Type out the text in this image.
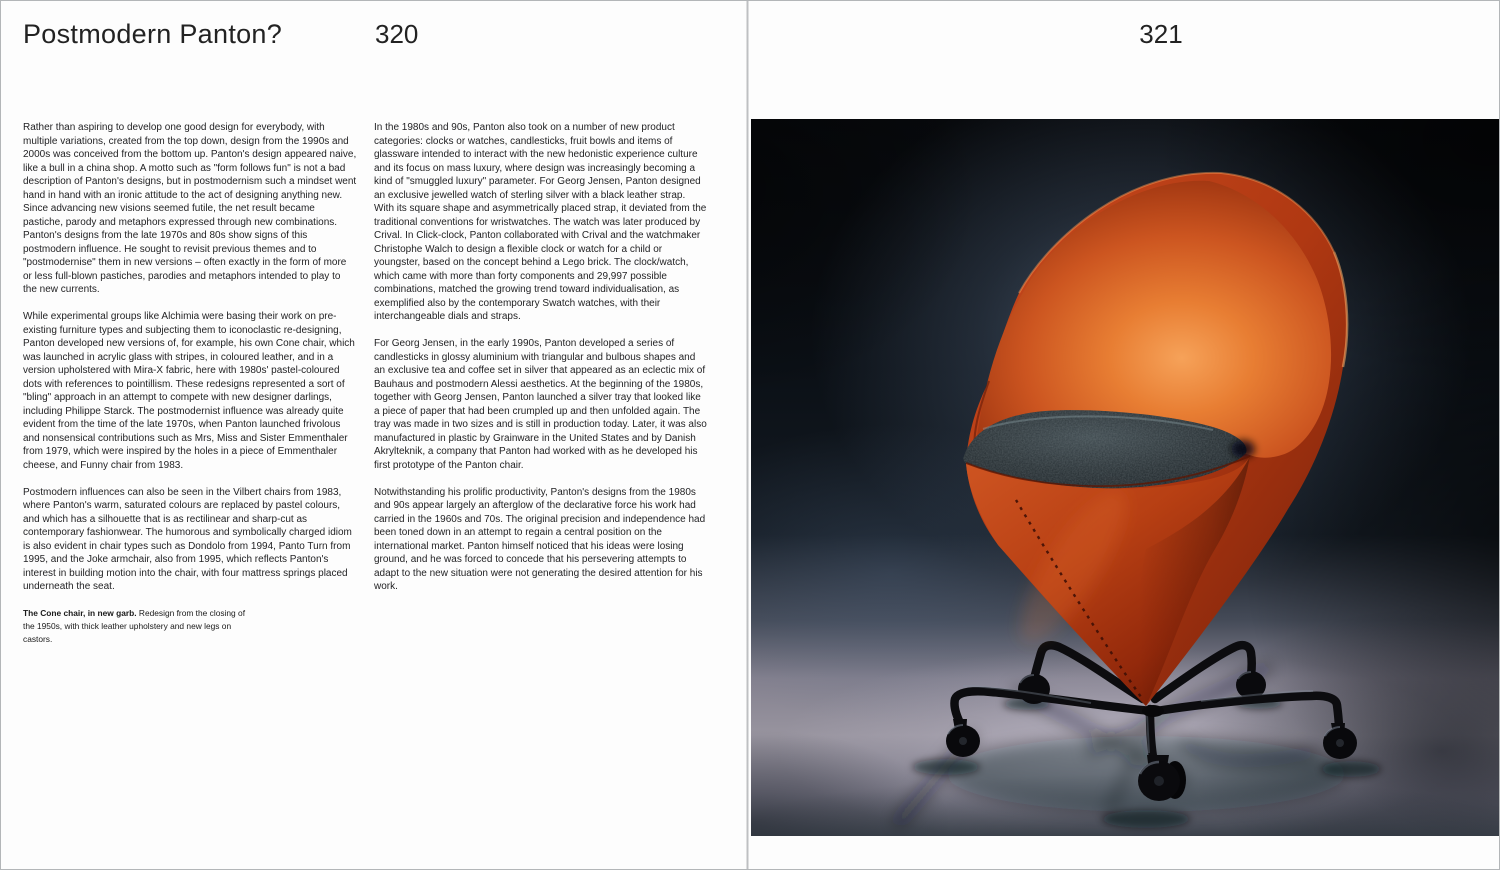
Postmodern Panton?	320

Rather than aspiring to develop one good design for everybody, with multiple variations, created from the top down, design from the 1990s and 2000s was conceived from the bottom up. Panton's design appeared naive, like a bull in a china shop. A motto such as "form follows fun" is not a bad description of Panton's designs, but in postmodernism such a mindset went hand in hand with an ironic attitude to the act of designing anything new. Since advancing new visions seemed futile, the net result became pastiche, parody and metaphors expressed through new combinations. Panton's designs from the late 1970s and 80s show signs of this postmodern influence. He sought to revisit previous themes and to "postmodernise" them in new versions – often exactly in the form of more or less full-blown pastiches, parodies and metaphors intended to play to the new currents.

While experimental groups like Alchimia were basing their work on pre-existing furniture types and subjecting them to iconoclastic re-designing, Panton developed new versions of, for example, his own Cone chair, which was launched in acrylic glass with stripes, in coloured leather, and in a version upholstered with Mira-X fabric, here with 1980s' pastel-coloured dots with references to pointillism. These redesigns represented a sort of "bling" approach in an attempt to compete with new designer darlings, including Philippe Starck. The postmodernist influence was already quite evident from the time of the late 1970s, when Panton launched frivolous and nonsensical contributions such as Mrs, Miss and Sister Emmenthaler from 1979, which were inspired by the holes in a piece of Emmenthaler cheese, and Funny chair from 1983.

Postmodern influences can also be seen in the Vilbert chairs from 1983, where Panton's warm, saturated colours are replaced by pastel colours, and which has a silhouette that is as rectilinear and sharp-cut as contemporary fashionwear. The humorous and symbolically charged idiom is also evident in chair types such as Dondolo from 1994, Panto Turn from 1995, and the Joke armchair, also from 1995, which reflects Panton's interest in building motion into the chair, with four mattress springs placed underneath the seat.

The Cone chair, in new garb. Redesign from the closing of the 1950s, with thick leather upholstery and new legs on castors.

In the 1980s and 90s, Panton also took on a number of new product categories: clocks or watches, candlesticks, fruit bowls and items of glassware intended to interact with the new hedonistic experience culture and its focus on mass luxury, where design was increasingly becoming a kind of "smuggled luxury" parameter. For Georg Jensen, Panton designed an exclusive jewelled watch of sterling silver with a black leather strap. With its square shape and asymmetrically placed strap, it deviated from the traditional conventions for wristwatches. The watch was later produced by Crival. In Click-clock, Panton collaborated with Crival and the watchmaker Christophe Walch to design a flexible clock or watch for a child or youngster, based on the concept behind a Lego brick. The clock/watch, which came with more than forty components and 29,997 possible combinations, matched the growing trend toward individualisation, as exemplified also by the contemporary Swatch watches, with their interchangeable dials and straps.

For Georg Jensen, in the early 1990s, Panton developed a series of candlesticks in glossy aluminium with triangular and bulbous shapes and an exclusive tea and coffee set in silver that appeared as an eclectic mix of Bauhaus and postmodern Alessi aesthetics. At the beginning of the 1980s, together with Georg Jensen, Panton launched a silver tray that looked like a piece of paper that had been crumpled up and then unfolded again. The tray was made in two sizes and is still in production today. Later, it was also manufactured in plastic by Grainware in the United States and by Danish Akrylteknik, a company that Panton had worked with as he developed his first prototype of the Panton chair.

Notwithstanding his prolific productivity, Panton's designs from the 1980s and 90s appear largely an afterglow of the declarative force his work had carried in the 1960s and 70s. The original precision and independence had been toned down in an attempt to regain a central position on the international market. Panton himself noticed that his ideas were losing ground, and he was forced to concede that his persevering attempts to adapt to the new situation were not generating the desired attention for his work.

321
